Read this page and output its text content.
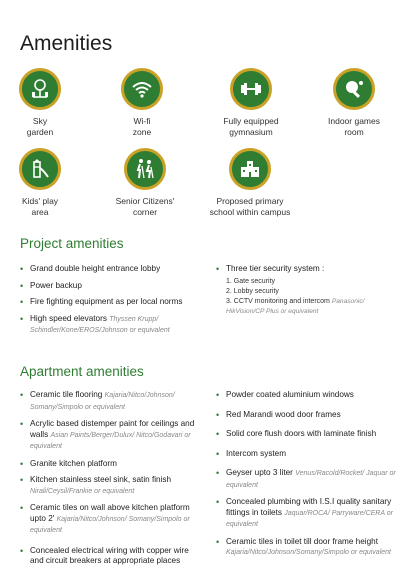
Amenities
Sky
garden
Wi-fi
zone
Fully equipped
gymnasium
Indoor games
room
Kids' play
area
Senior Citizens'
corner
Proposed primary
school within campus
Project amenities
• Grand double height entrance lobby
• Power backup
• Fire fighting equipment as per local norms
• High speed elevators Thyssen Krupp/ Schindler/Kone/EROS/Johnson or equivalent
• Three tier security system :
1. Gate security
2. Lobby security
3. CCTV monitoring and intercom Panasonic/ HikVision/CP Plus or equivalent
Apartment amenities
• Ceramic tile flooring Kajaria/Nitco/Johnson/ Somany/Simpolo or equivalent
• Acrylic based distemper paint for ceilings and walls Asian Paints/Berger/Dulux/ Nitco/Godavari or equivalent
• Granite kitchen platform
• Kitchen stainless steel sink, satin finish Nirali/Ceysil/Frankie or equivalent
• Ceramic tiles on wall above kitchen platform upto 2' Kajaria/Nitco/Johnson/ Somany/Simpolo or equivalent
• Concealed electrical wiring with copper wire and circuit breakers at appropriate places
• Powder coated aluminium windows
• Red Marandi wood door frames
• Solid core flush doors with laminate finish
• Intercom system
• Geyser upto 3 liter Venus/Racold/Rocket/ Jaquar or equivalent
• Concealed plumbing with I.S.I quality sanitary fittings in toilets Jaquar/ROCA/ Parryware/CERA or equivalent
• Ceramic tiles in toilet till door frame height Kajaria/Nitco/Johnson/Somany/Simpolo or equivalent
